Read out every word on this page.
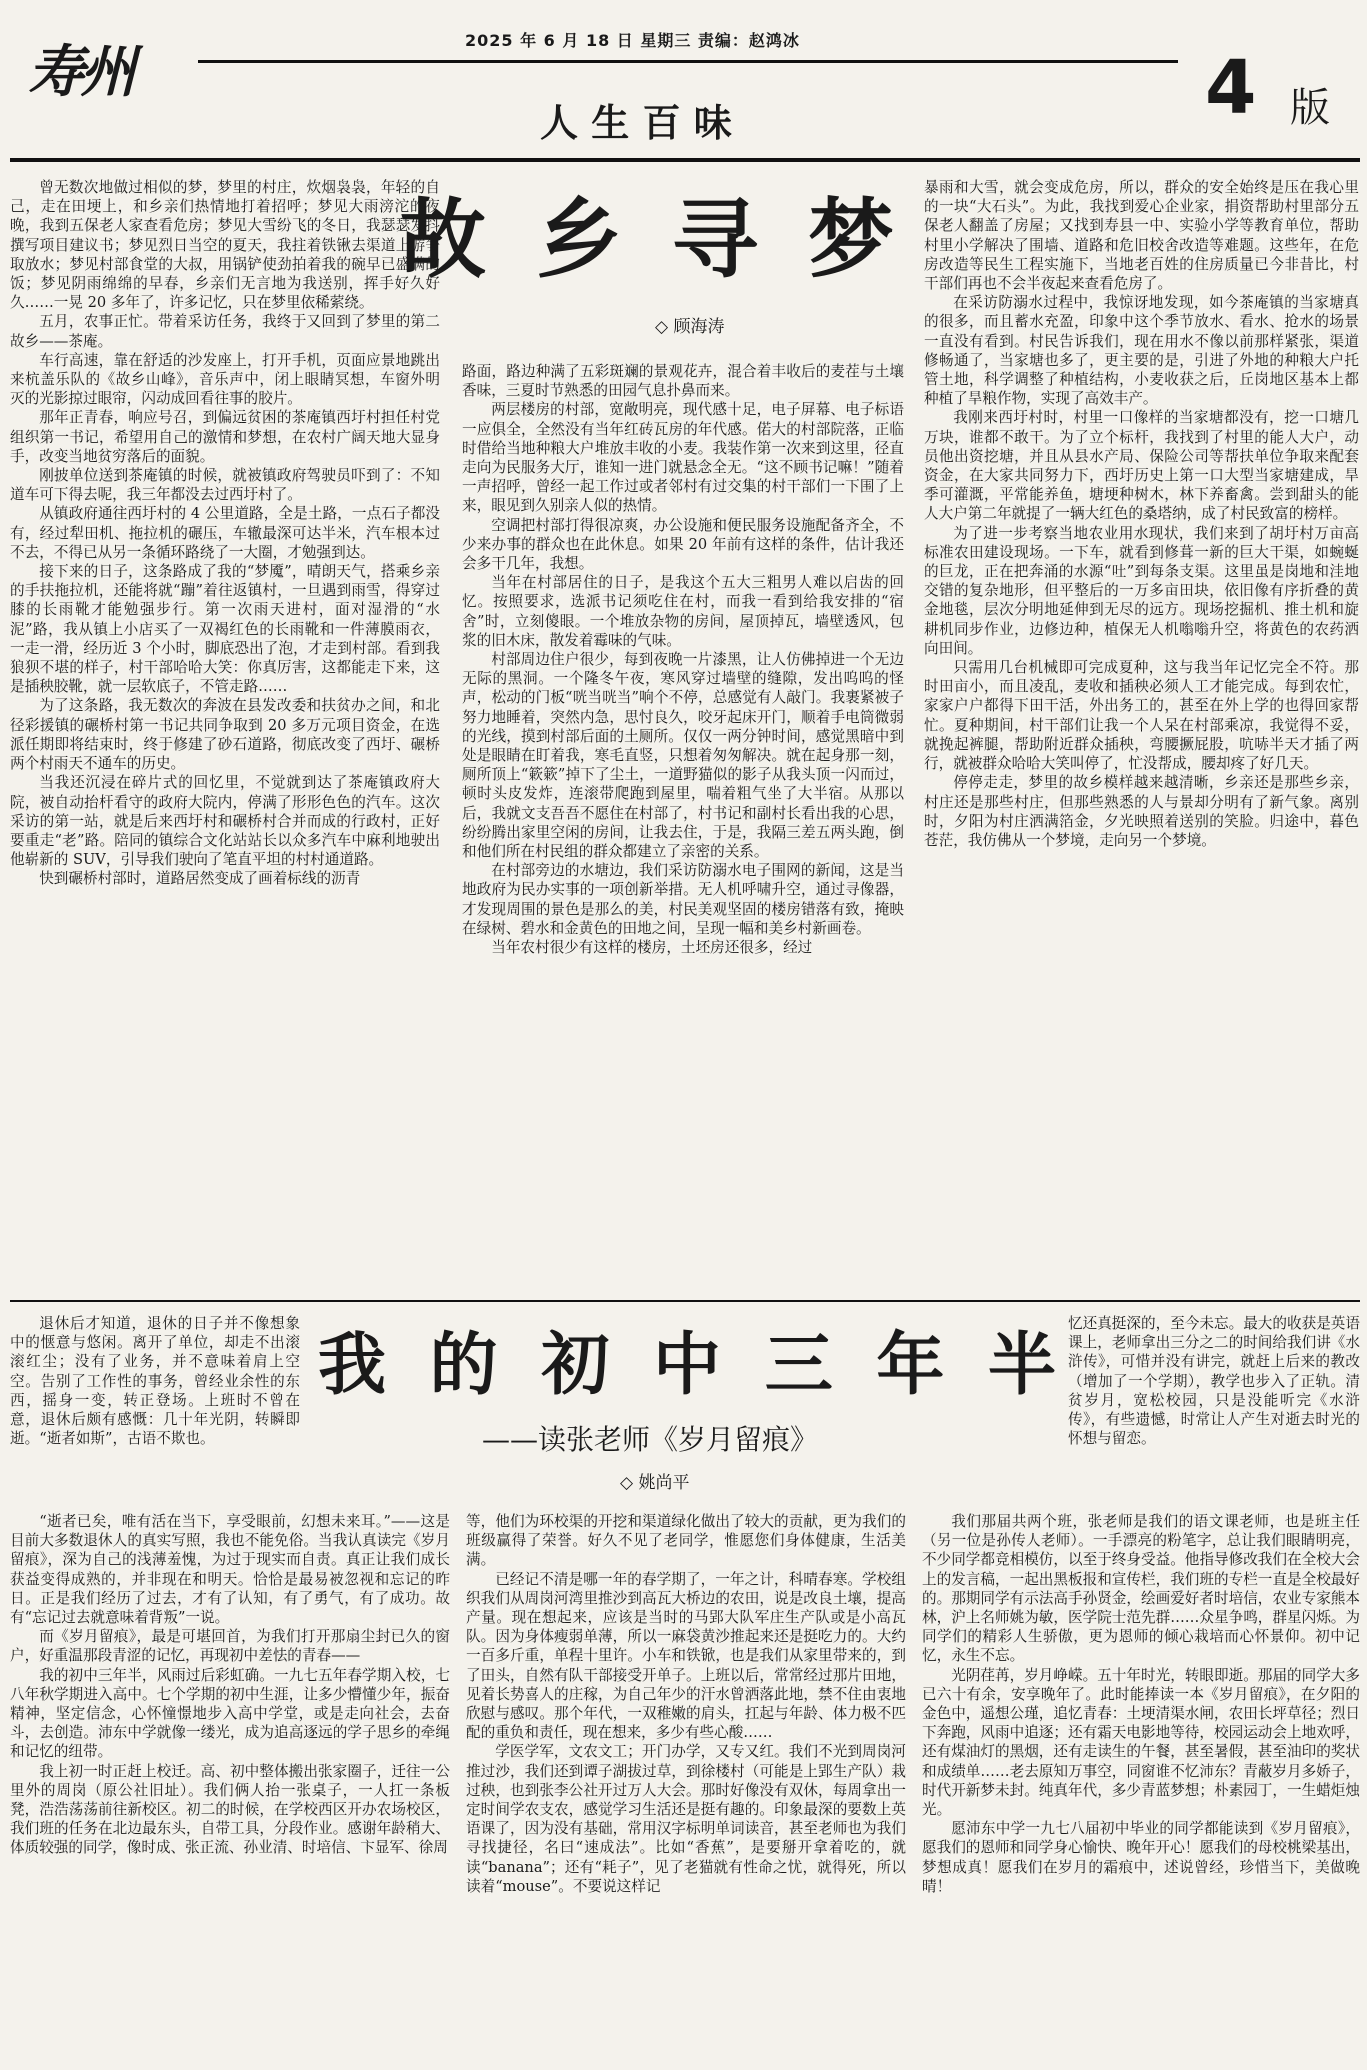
寿州	2025 年 6 月 18 日 星期三 责编：赵鸿冰
人 生 百 味	4 版
故 乡 寻 梦
◇ 顾海涛

曾无数次地做过相似的梦，梦里的村庄，炊烟袅袅，年轻的自己，走在田埂上，和乡亲们热情地打着招呼；梦见大雨滂沱的夜晚，我到五保老人家查看危房；梦见大雪纷飞的冬日，我瑟瑟发抖撰写项目建议书；梦见烈日当空的夏天，我拄着铁锹去渠道上游争取放水；梦见村部食堂的大叔，用锅铲使劲拍着我的碗早已盛满的饭；梦见阴雨绵绵的早春，乡亲们无言地为我送别，挥手好久好久……一晃 20 多年了，许多记忆，只在梦里依稀萦绕。

五月，农事正忙。带着采访任务，我终于又回到了梦里的第二故乡——茶庵。

车行高速，靠在舒适的沙发座上，打开手机，页面应景地跳出来杭盖乐队的《故乡山峰》，音乐声中，闭上眼睛冥想，车窗外明灭的光影掠过眼帘，闪动成回看往事的胶片。

那年正青春，响应号召，到偏远贫困的茶庵镇西圩村担任村党组织第一书记，希望用自己的激情和梦想，在农村广阔天地大显身手，改变当地贫穷落后的面貌。

刚披单位送到茶庵镇的时候，就被镇政府驾驶员吓到了：不知道车可下得去呢，我三年都没去过西圩村了。

从镇政府通往西圩村的 4 公里道路，全是土路，一点石子都没有，经过犁田机、拖拉机的碾压，车辙最深可达半米，汽车根本过不去，不得已从另一条循环路绕了一大圈，才勉强到达。

接下来的日子，这条路成了我的“梦魇”，晴朗天气，搭乘乡亲的手扶拖拉机，还能将就“蹦”着往返镇村，一旦遇到雨雪，得穿过膝的长雨靴才能勉强步行。第一次雨天进村，面对湿滑的“水泥”路，我从镇上小店买了一双褐红色的长雨靴和一件薄膜雨衣，一走一滑，经历近 3 个小时，脚底恐出了泡，才走到村部。看到我狼狈不堪的样子，村干部哈哈大笑：你真厉害，这都能走下来，这是插秧胶靴，就一层软底子，不管走路……

为了这条路，我无数次的奔波在县发改委和扶贫办之间，和北径彩援镇的碾桥村第一书记共同争取到 20 多万元项目资金，在选派任期即将结束时，终于修建了砂石道路，彻底改变了西圩、碾桥两个村雨天不通车的历史。

当我还沉浸在碎片式的回忆里，不觉就到达了茶庵镇政府大院，被自动抬杆看守的政府大院内，停满了形形色色的汽车。这次采访的第一站，就是后来西圩村和碾桥村合并而成的行政村，正好要重走“老”路。陪同的镇综合文化站站长以众多汽车中麻利地驶出他崭新的 SUV，引导我们驶向了笔直平坦的村村通道路。

快到碾桥村部时，道路居然变成了画着标线的沥青

路面，路边种满了五彩斑斓的景观花卉，混合着丰收后的麦茬与土壤香味，三夏时节熟悉的田园气息扑鼻而来。

两层楼房的村部，宽敞明亮，现代感十足，电子屏幕、电子标语一应俱全，全然没有当年红砖瓦房的年代感。偌大的村部院落，正临时借给当地种粮大户堆放丰收的小麦。我装作第一次来到这里，径直走向为民服务大厅，谁知一进门就悬念全无。“这不顾书记嘛！”随着一声招呼，曾经一起工作过或者邻村有过交集的村干部们一下围了上来，眼见到久别亲人似的热情。

空调把村部打得很凉爽，办公设施和便民服务设施配备齐全，不少来办事的群众也在此休息。如果 20 年前有这样的条件，估计我还会多干几年，我想。

当年在村部居住的日子，是我这个五大三粗男人难以启齿的回忆。按照要求，选派书记须吃住在村，而我一看到给我安排的“宿舍”时，立刻傻眼。一个堆放杂物的房间，屋顶掉瓦，墙壁透风，包浆的旧木床，散发着霉味的气味。

村部周边住户很少，每到夜晚一片漆黑，让人仿佛掉进一个无边无际的黑洞。一个隆冬午夜，寒风穿过墙壁的缝隙，发出呜呜的怪声，松动的门板“咣当咣当”响个不停，总感觉有人敲门。我裹紧被子努力地睡着，突然内急，思忖良久，咬牙起床开门，顺着手电筒微弱的光线，摸到村部后面的土厕所。仅仅一两分钟时间，感觉黑暗中到处是眼睛在盯着我，寒毛直竖，只想着匆匆解决。就在起身那一刻，厕所顶上“簌簌”掉下了尘土，一道野猫似的影子从我头顶一闪而过，顿时头皮发炸，连滚带爬跑到屋里，喘着粗气坐了大半宿。从那以后，我就文支吾吾不愿住在村部了，村书记和副村长看出我的心思，纷纷腾出家里空闲的房间，让我去住，于是，我隔三差五两头跑，倒和他们所在村民组的群众都建立了亲密的关系。

在村部旁边的水塘边，我们采访防溺水电子围网的新闻，这是当地政府为民办实事的一项创新举措。无人机呼啸升空，通过寻像器，才发现周围的景色是那么的美，村民美观坚固的楼房错落有致，掩映在绿树、碧水和金黄色的田地之间，呈现一幅和美乡村新画卷。

当年农村很少有这样的楼房，土坯房还很多，经过

暴雨和大雪，就会变成危房，所以，群众的安全始终是压在我心里的一块“大石头”。为此，我找到爱心企业家，捐资帮助村里部分五保老人翻盖了房屋；又找到寿县一中、实验小学等教育单位，帮助村里小学解决了围墙、道路和危旧校舍改造等难题。这些年，在危房改造等民生工程实施下，当地老百姓的住房质量已今非昔比，村干部们再也不会半夜起来查看危房了。

在采访防溺水过程中，我惊讶地发现，如今茶庵镇的当家塘真的很多，而且蓄水充盈，印象中这个季节放水、看水、抢水的场景一直没有看到。村民告诉我们，现在用水不像以前那样紧张，渠道修畅通了，当家塘也多了，更主要的是，引进了外地的种粮大户托管土地，科学调整了种植结构，小麦收获之后，丘岗地区基本上都种植了旱粮作物，实现了高效丰产。

我刚来西圩村时，村里一口像样的当家塘都没有，挖一口塘几万块，谁都不敢干。为了立个标杆，我找到了村里的能人大户，动员他出资挖塘，并且从县水产局、保险公司等帮扶单位争取来配套资金，在大家共同努力下，西圩历史上第一口大型当家塘建成，旱季可灌溉，平常能养鱼，塘埂种树木，林下养畜禽。尝到甜头的能人大户第二年就提了一辆大红色的桑塔纳，成了村民致富的榜样。

为了进一步考察当地农业用水现状，我们来到了胡圩村万亩高标准农田建设现场。一下车，就看到修葺一新的巨大干渠，如蜿蜒的巨龙，正在把奔涌的水源“吐”到每条支渠。这里虽是岗地和洼地交错的复杂地形，但平整后的一万多亩田块，依旧像有序折叠的黄金地毯，层次分明地延伸到无尽的远方。现场挖掘机、推土机和旋耕机同步作业，边修边种，植保无人机嗡嗡升空，将黄色的农药洒向田间。

只需用几台机械即可完成夏种，这与我当年记忆完全不符。那时田亩小，而且凌乱，麦收和插秧必须人工才能完成。每到农忙，家家户户都得下田干活，外出务工的，甚至在外上学的也得回家帮忙。夏种期间，村干部们让我一个人呆在村部乘凉，我觉得不妥，就挽起裤腿，帮助附近群众插秧，弯腰撅屁股，吭哧半天才插了两行，就被群众哈哈大笑叫停了，忙没帮成，腰却疼了好几天。

停停走走，梦里的故乡模样越来越清晰，乡亲还是那些乡亲，村庄还是那些村庄，但那些熟悉的人与景却分明有了新气象。离别时，夕阳为村庄洒满箔金，夕光映照着送别的笑脸。归途中，暮色苍茫，我仿佛从一个梦境，走向另一个梦境。

我 的 初 中 三 年 半
——读张老师《岁月留痕》
◇ 姚尚平

退休后才知道，退休的日子并不像想象中的惬意与悠闲。离开了单位，却走不出滚滚红尘；没有了业务，并不意味着肩上空空。告别了工作性的事务，曾经业余性的东西，摇身一变，转正登场。上班时不曾在意，退休后颇有感慨：几十年光阴，转瞬即逝。“逝者如斯”，古语不欺也。

“逝者已矣，唯有活在当下，享受眼前，幻想未来耳。”——这是目前大多数退休人的真实写照，我也不能免俗。当我认真读完《岁月留痕》，深为自己的浅薄羞愧，为过于现实而自责。真正让我们成长获益变得成熟的，并非现在和明天。恰恰是最易被忽视和忘记的昨日。正是我们经历了过去，才有了认知，有了勇气，有了成功。故有“忘记过去就意味着背叛”一说。

而《岁月留痕》，最是可堪回首，为我们打开那扇尘封已久的窗户，好重温那段青涩的记忆，再现初中差怯的青春——

我的初中三年半，风雨过后彩虹确。一九七五年春学期入校，七八年秋学期进入高中。七个学期的初中生涯，让多少懵懂少年，振奋精神，坚定信念，心怀憧憬地步入高中学堂，或是走向社会，去奋斗，去创造。沛东中学就像一缕光，成为追高逐远的学子思乡的牵绳和记忆的纽带。

我上初一时正赶上校迁。高、初中整体搬出张家圈子，迁往一公里外的周岗（原公社旧址）。我们俩人抬一张桌子，一人扛一条板凳，浩浩荡荡前往新校区。初二的时候，在学校西区开办农场校区，我们班的任务在北边最东头，自带工具，分段作业。感谢年龄稍大、体质较强的同学，像时成、张正流、孙业清、时培信、卞显军、徐周

等，他们为环校渠的开挖和渠道绿化做出了较大的贡献，更为我们的班级赢得了荣誉。好久不见了老同学，惟愿您们身体健康，生活美满。

已经记不清是哪一年的春学期了，一年之计，科晴春寒。学校组织我们从周岗河湾里推沙到高瓦大桥边的农田，说是改良土壤，提高产量。现在想起来，应该是当时的马郢大队军庄生产队或是小高瓦队。因为身体瘦弱单薄，所以一麻袋黄沙推起来还是挺吃力的。大约一百多斤重，单程十里许。小车和铁锨，也是我们从家里带来的，到了田头，自然有队干部接受开单子。上班以后，常常经过那片田地，见着长势喜人的庄稼，为自己年少的汗水曾洒落此地，禁不住由衷地欣慰与感叹。那个年代，一双稚嫩的肩头，扛起与年龄、体力极不匹配的重负和责任，现在想来，多少有些心酸……

学医学军，文农文工；开门办学，又专又红。我们不光到周岗河推过沙，我们还到谭子湖拔过草，到徐楼村（可能是上郢生产队）栽过秧，也到张李公社开过万人大会。那时好像没有双休，每周拿出一定时间学农支农，感觉学习生活还是挺有趣的。印象最深的要数上英语课了，因为没有基础，常用汉字标明单词读音，甚至老师也为我们寻找捷径，名曰“速成法”。比如“香蕉”，是要掰开拿着吃的，就读“banana”；还有“耗子”，见了老猫就有性命之忧，就得死，所以读着“mouse”。不要说这样记

忆还真挺深的，至今未忘。最大的收获是英语课上，老师拿出三分之二的时间给我们讲《水浒传》，可惜并没有讲完，就赶上后来的教改（增加了一个学期），教学也步入了正轨。清贫岁月，宽松校园，只是没能听完《水浒传》，有些遗憾，时常让人产生对逝去时光的怀想与留恋。

我们那届共两个班，张老师是我们的语文课老师，也是班主任（另一位是孙传人老师）。一手漂亮的粉笔字，总让我们眼睛明亮，不少同学都竞相模仿，以至于终身受益。他指导修改我们在全校大会上的发言稿，一起出黑板报和宣传栏，我们班的专栏一直是全校最好的。那期同学有示法高手孙贤金，绘画爱好者时培信，农业专家熊本林，沪上名师姚为敏，医学院士范先群……众星争鸣，群星闪烁。为同学们的精彩人生骄傲，更为恩师的倾心栽培而心怀景仰。初中记忆，永生不忘。

光阴荏苒，岁月峥嵘。五十年时光，转眼即逝。那届的同学大多已六十有余，安享晚年了。此时能捧读一本《岁月留痕》，在夕阳的金色中，遥想公瑾，追忆青春：土埂清渠水闸，农田长坪草径；烈日下奔跑，风雨中追逐；还有霜天电影地等待，校园运动会上地欢呼，还有煤油灯的黑烟，还有走读生的午餐，甚至暑假，甚至油印的奖状和成绩单……老去原知万事空，同窗谁不忆沛东？青蔽岁月多娇子，时代开新梦未封。纯真年代，多少青蓝梦想；朴素园丁，一生蜡炬烛光。

愿沛东中学一九七八届初中毕业的同学都能读到《岁月留痕》，愿我们的恩师和同学身心愉快、晚年开心！愿我们的母校桃梁基出，梦想成真！愿我们在岁月的霜痕中，述说曾经，珍惜当下，美做晚晴！
